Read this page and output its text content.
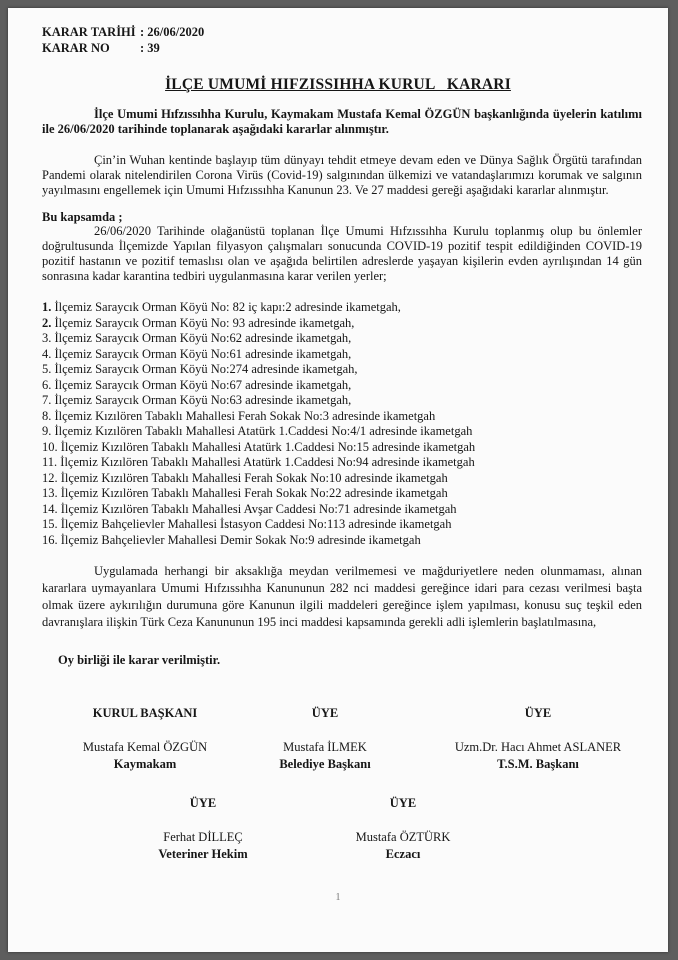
KARAR TARİHİ : 26/06/2020
KARAR NO : 39
İLÇE UMUMİ HIFZISSIHHA KURUL   KARARI
İlçe Umumi Hıfzıssıhha Kurulu, Kaymakam Mustafa Kemal ÖZGÜN başkanlığında üyelerin katılımı ile 26/06/2020 tarihinde toplanarak aşağıdaki kararlar alınmıştır.
Çin’in Wuhan kentinde başlayıp tüm dünyayı tehdit etmeye devam eden ve Dünya Sağlık Örgütü tarafından Pandemi olarak nitelendirilen Corona Virüs (Covid-19) salgınından ülkemizi ve vatandaşlarımızı korumak ve salgının yayılmasını engellemek için Umumi Hıfzıssıhha Kanunun 23. Ve 27 maddesi gereği aşağıdaki kararlar alınmıştır.
Bu kapsamda ;
26/06/2020 Tarihinde olağanüstü toplanan İlçe Umumi Hıfzıssıhha Kurulu toplanmış olup bu önlemler doğrultusunda İlçemizde Yapılan filyasyon çalışmaları sonucunda COVID-19 pozitif tespit edildiğinden COVID-19 pozitif hastanın ve pozitif temaslısı olan ve aşağıda belirtilen adreslerde yaşayan kişilerin evden ayrılışından 14 gün sonrasına kadar karantina tedbiri uygulanmasına karar verilen yerler;
1. İlçemiz Saraycık Orman Köyü No: 82 iç kapı:2 adresinde ikametgah,
2. İlçemiz Saraycık Orman Köyü No: 93 adresinde ikametgah,
3. İlçemiz Saraycık Orman Köyü No:62 adresinde ikametgah,
4. İlçemiz Saraycık Orman Köyü No:61 adresinde ikametgah,
5. İlçemiz Saraycık Orman Köyü No:274 adresinde ikametgah,
6. İlçemiz Saraycık Orman Köyü No:67 adresinde ikametgah,
7. İlçemiz Saraycık Orman Köyü No:63 adresinde ikametgah,
8. İlçemiz Kızılören Tabaklı Mahallesi Ferah Sokak No:3 adresinde ikametgah
9. İlçemiz Kızılören Tabaklı Mahallesi Atatürk 1.Caddesi No:4/1 adresinde ikametgah
10. İlçemiz Kızılören Tabaklı Mahallesi Atatürk 1.Caddesi No:15 adresinde ikametgah
11. İlçemiz Kızılören Tabaklı Mahallesi Atatürk 1.Caddesi No:94 adresinde ikametgah
12. İlçemiz Kızılören Tabaklı Mahallesi Ferah Sokak No:10 adresinde ikametgah
13. İlçemiz Kızılören Tabaklı Mahallesi Ferah Sokak No:22 adresinde ikametgah
14. İlçemiz Kızılören Tabaklı Mahallesi Avşar Caddesi No:71 adresinde ikametgah
15. İlçemiz Bahçelievler Mahallesi İstasyon Caddesi No:113 adresinde ikametgah
16. İlçemiz Bahçelievler Mahallesi Demir Sokak No:9 adresinde ikametgah
Uygulamada herhangi bir aksaklığa meydan verilmemesi ve mağduriyetlere neden olunmaması, alınan kararlara uymayanlara Umumi Hıfzıssıhha Kanununun 282 nci maddesi gereğince idari para cezası verilmesi başta olmak üzere aykırılığın durumuna göre Kanunun ilgili maddeleri gereğince işlem yapılması, konusu suç teşkil eden davranışlara ilişkin Türk Ceza Kanununun 195 inci maddesi kapsamında gerekli adli işlemlerin başlatılmasına,
Oy birliği ile karar verilmiştir.
KURUL BAŞKANI
Mustafa Kemal ÖZGÜN
Kaymakam
ÜYE
Mustafa İLMEK
Belediye Başkanı
ÜYE
Uzm.Dr. Hacı Ahmet ASLANER
T.S.M. Başkanı
ÜYE
Ferhat DİLLEÇ
Veteriner Hekim
ÜYE
Mustafa ÖZTÜRK
Eczacı
1
